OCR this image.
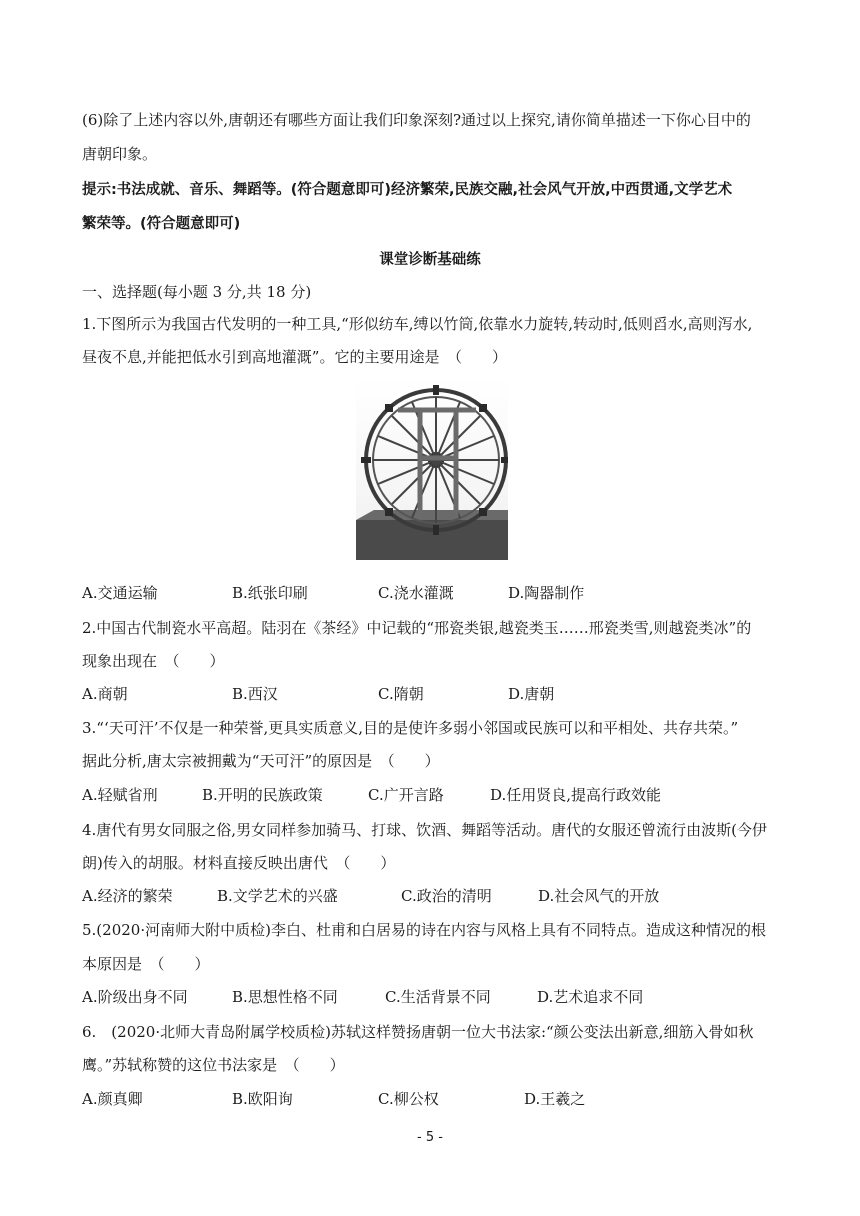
(6)除了上述内容以外,唐朝还有哪些方面让我们印象深刻?通过以上探究,请你简单描述一下你心目中的
唐朝印象。
提示:书法成就、音乐、舞蹈等。(符合题意即可)经济繁荣,民族交融,社会风气开放,中西贯通,文学艺术
繁荣等。(符合题意即可)
课堂诊断基础练
一、选择题(每小题 3 分,共 18 分)
1.下图所示为我国古代发明的一种工具,“形似纺车,缚以竹筒,依靠水力旋转,转动时,低则舀水,高则泻水,
昼夜不息,并能把低水引到高地灌溉”。它的主要用途是　（　　）
A.交通运输	B.纸张印刷	C.浇水灌溉	D.陶器制作
2.中国古代制瓷水平高超。陆羽在《茶经》中记载的“邢瓷类银,越瓷类玉……邢瓷类雪,则越瓷类冰”的
现象出现在　（　　）
A.商朝	B.西汉	C.隋朝	D.唐朝
3.“‘天可汗’不仅是一种荣誉,更具实质意义,目的是使许多弱小邻国或民族可以和平相处、共存共荣。”
据此分析,唐太宗被拥戴为“天可汗”的原因是　（　　）
A.轻赋省刑	B.开明的民族政策	C.广开言路	D.任用贤良,提高行政效能
4.唐代有男女同服之俗,男女同样参加骑马、打球、饮酒、舞蹈等活动。唐代的女服还曾流行由波斯(今伊
朗)传入的胡服。材料直接反映出唐代　（　　）
A.经济的繁荣	B.文学艺术的兴盛	C.政治的清明	D.社会风气的开放
5.(2020·河南师大附中质检)李白、杜甫和白居易的诗在内容与风格上具有不同特点。造成这种情况的根
本原因是　（　　）
A.阶级出身不同	B.思想性格不同	C.生活背景不同	D.艺术追求不同
6.　(2020·北师大青岛附属学校质检)苏轼这样赞扬唐朝一位大书法家:“颜公变法出新意,细筋入骨如秋
鹰。”苏轼称赞的这位书法家是　（　　）
A.颜真卿	B.欧阳询	C.柳公权	D.王羲之
- 5 -
